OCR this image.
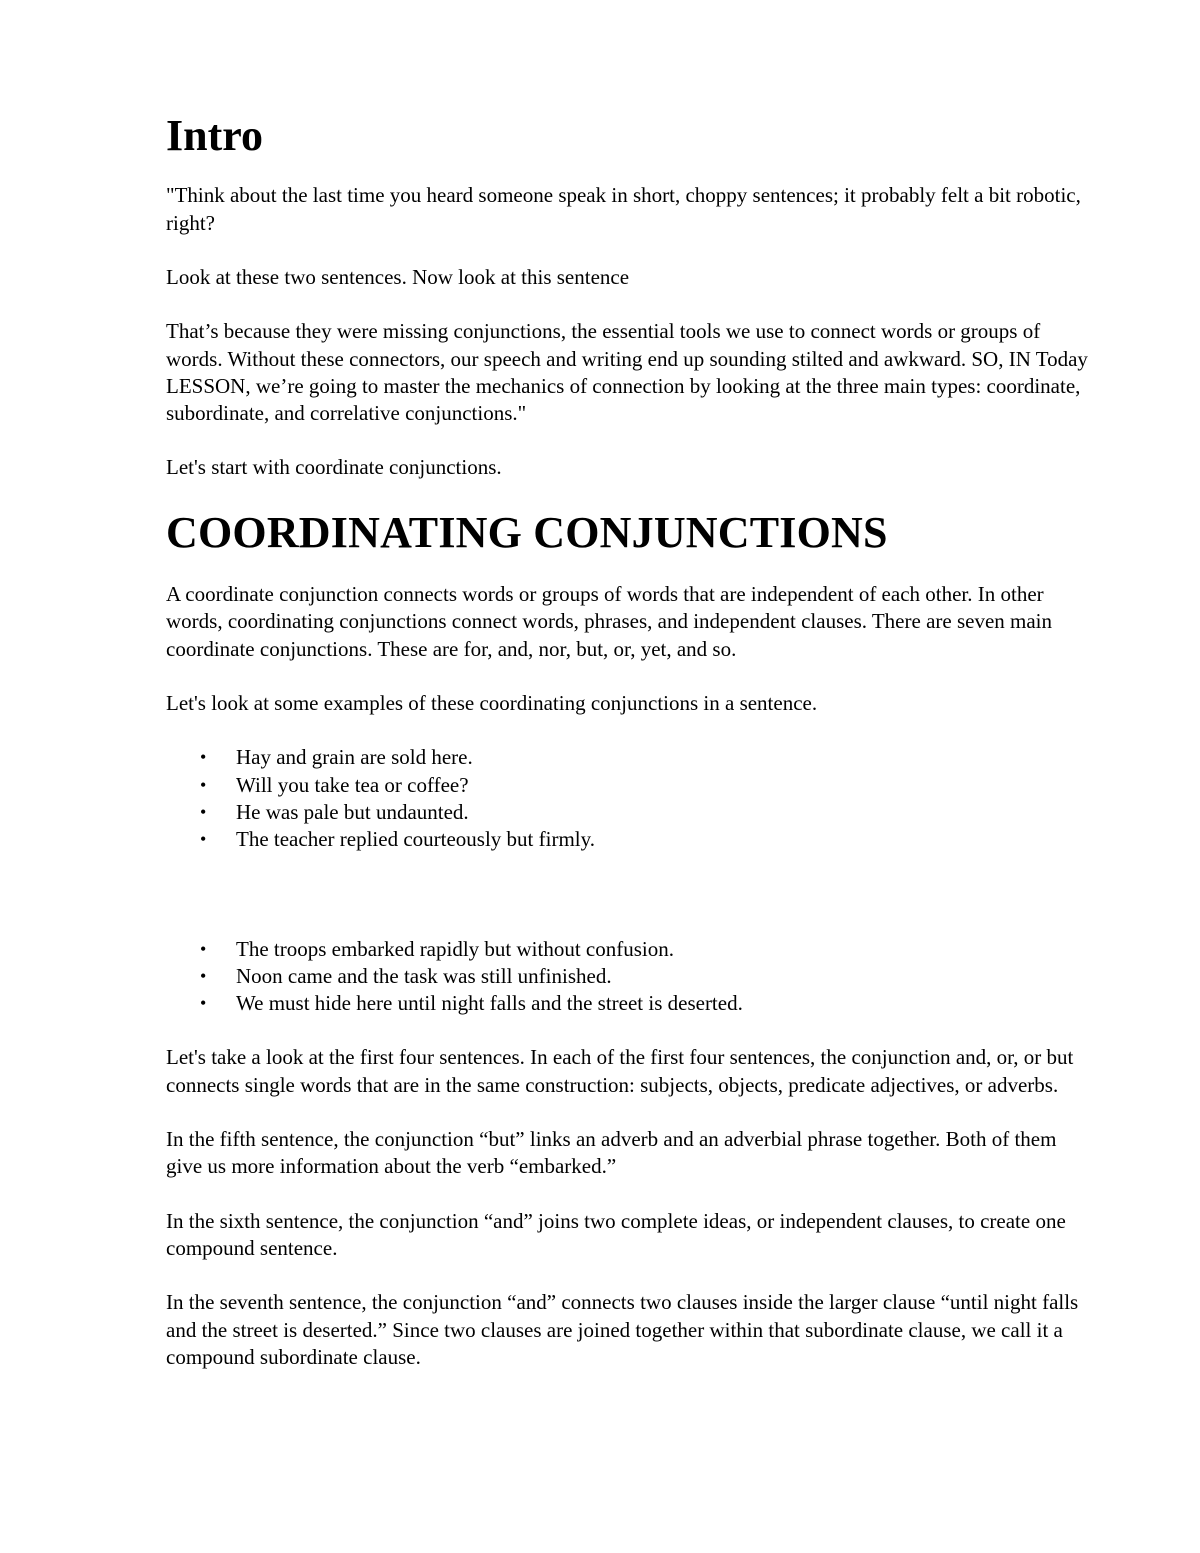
Intro

"Think about the last time you heard someone speak in short, choppy sentences; it probably felt a bit robotic, right?

Look at these two sentences. Now look at this sentence

That’s because they were missing conjunctions, the essential tools we use to connect words or groups of words. Without these connectors, our speech and writing end up sounding stilted and awkward. SO, IN Today LESSON, we’re going to master the mechanics of connection by looking at the three main types: coordinate, subordinate, and correlative conjunctions."

Let's start with coordinate conjunctions.

COORDINATING CONJUNCTIONS

A coordinate conjunction connects words or groups of words that are independent of each other. In other words, coordinating conjunctions connect words, phrases, and independent clauses. There are seven main coordinate conjunctions. These are for, and, nor, but, or, yet, and so.

Let's look at some examples of these coordinating conjunctions in a sentence.

• Hay and grain are sold here.
• Will you take tea or coffee?
• He was pale but undaunted.
• The teacher replied courteously but firmly.
• The troops embarked rapidly but without confusion.
• Noon came and the task was still unfinished.
• We must hide here until night falls and the street is deserted.

Let's take a look at the first four sentences. In each of the first four sentences, the conjunction and, or, or but connects single words that are in the same construction: subjects, objects, predicate adjectives, or adverbs.

In the fifth sentence, the conjunction “but” links an adverb and an adverbial phrase together. Both of them give us more information about the verb “embarked.”

In the sixth sentence, the conjunction “and” joins two complete ideas, or independent clauses, to create one compound sentence.

In the seventh sentence, the conjunction “and” connects two clauses inside the larger clause “until night falls and the street is deserted.” Since two clauses are joined together within that subordinate clause, we call it a compound subordinate clause.
